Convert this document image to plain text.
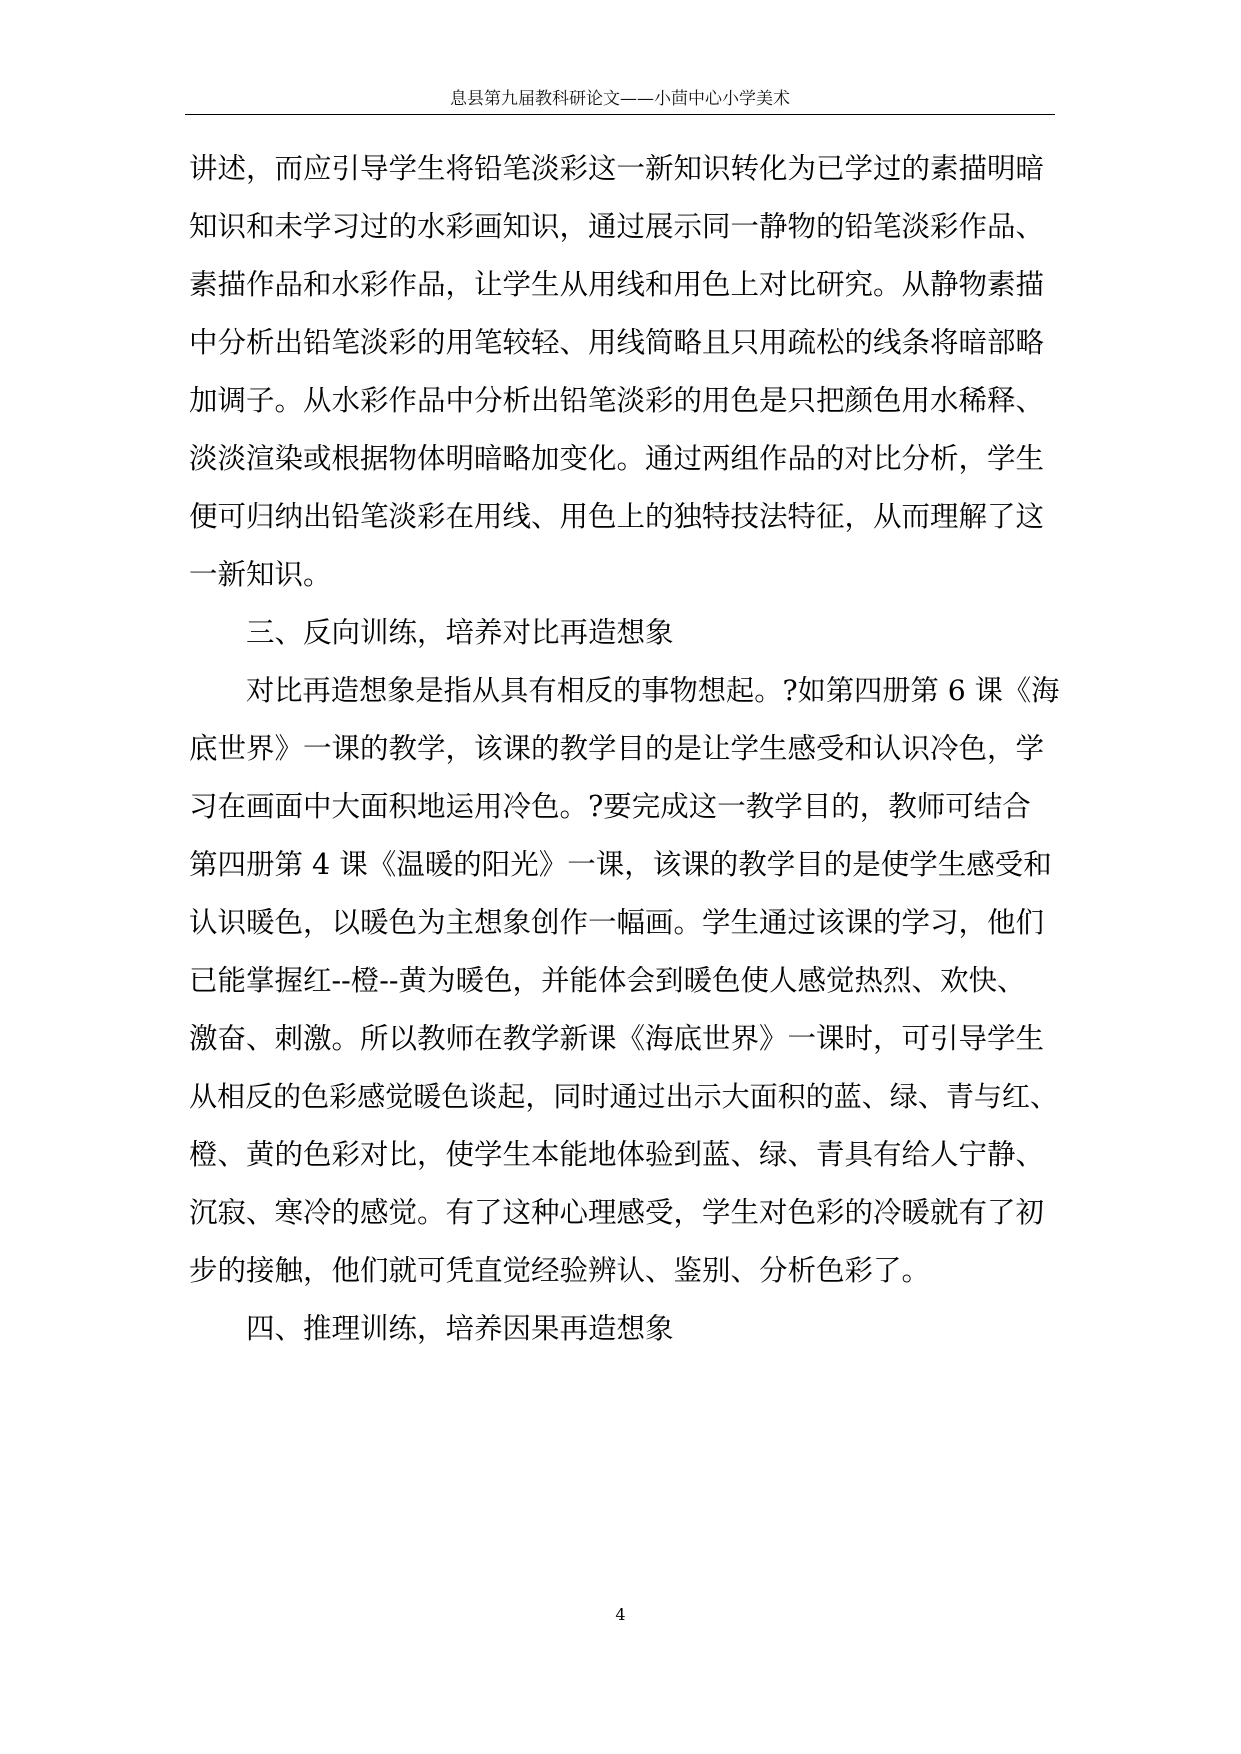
息县第九届教科研论文——小茴中心小学美术
讲述，而应引导学生将铅笔淡彩这一新知识转化为已学过的素描明暗
知识和未学习过的水彩画知识，通过展示同一静物的铅笔淡彩作品、
素描作品和水彩作品，让学生从用线和用色上对比研究。从静物素描
中分析出铅笔淡彩的用笔较轻、用线简略且只用疏松的线条将暗部略
加调子。从水彩作品中分析出铅笔淡彩的用色是只把颜色用水稀释、
淡淡渲染或根据物体明暗略加变化。通过两组作品的对比分析，学生
便可归纳出铅笔淡彩在用线、用色上的独特技法特征，从而理解了这
一新知识。
三、反向训练，培养对比再造想象
对比再造想象是指从具有相反的事物想起。?如第四册第 6 课《海
底世界》一课的教学，该课的教学目的是让学生感受和认识冷色，学
习在画面中大面积地运用冷色。?要完成这一教学目的，教师可结合
第四册第 4 课《温暖的阳光》一课，该课的教学目的是使学生感受和
认识暖色，以暖色为主想象创作一幅画。学生通过该课的学习，他们
已能掌握红--橙--黄为暖色，并能体会到暖色使人感觉热烈、欢快、
激奋、刺激。所以教师在教学新课《海底世界》一课时，可引导学生
从相反的色彩感觉暖色谈起，同时通过出示大面积的蓝、绿、青与红、
橙、黄的色彩对比，使学生本能地体验到蓝、绿、青具有给人宁静、
沉寂、寒冷的感觉。有了这种心理感受，学生对色彩的冷暖就有了初
步的接触，他们就可凭直觉经验辨认、鉴别、分析色彩了。
四、推理训练，培养因果再造想象
4
